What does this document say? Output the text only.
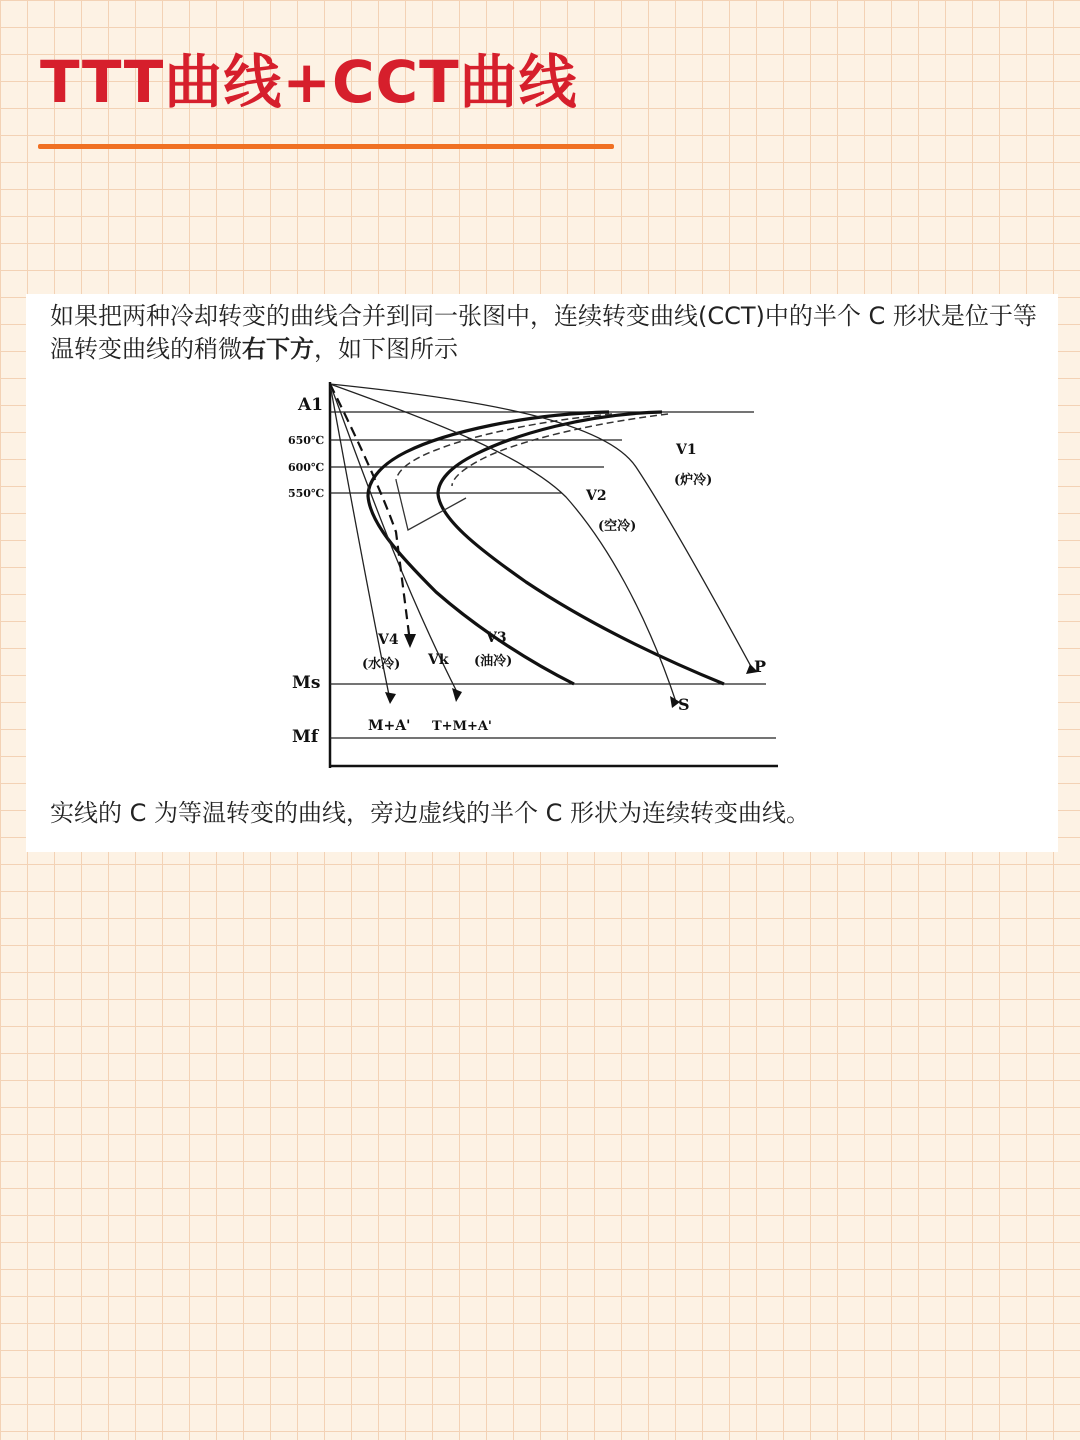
TTT曲线+CCT曲线

如果把两种冷却转变的曲线合并到同一张图中，连续转变曲线(CCT)中的半个 C 形状是位于等温转变曲线的稍微右下方，如下图所示

A1
650℃
600℃
550℃
Ms
Mf
V1
(炉冷)
V2
(空冷)
V3
(油冷)
V4
(水冷) Vk	P
S
M+A' T+M+A'

实线的 C 为等温转变的曲线，旁边虚线的半个 C 形状为连续转变曲线。
